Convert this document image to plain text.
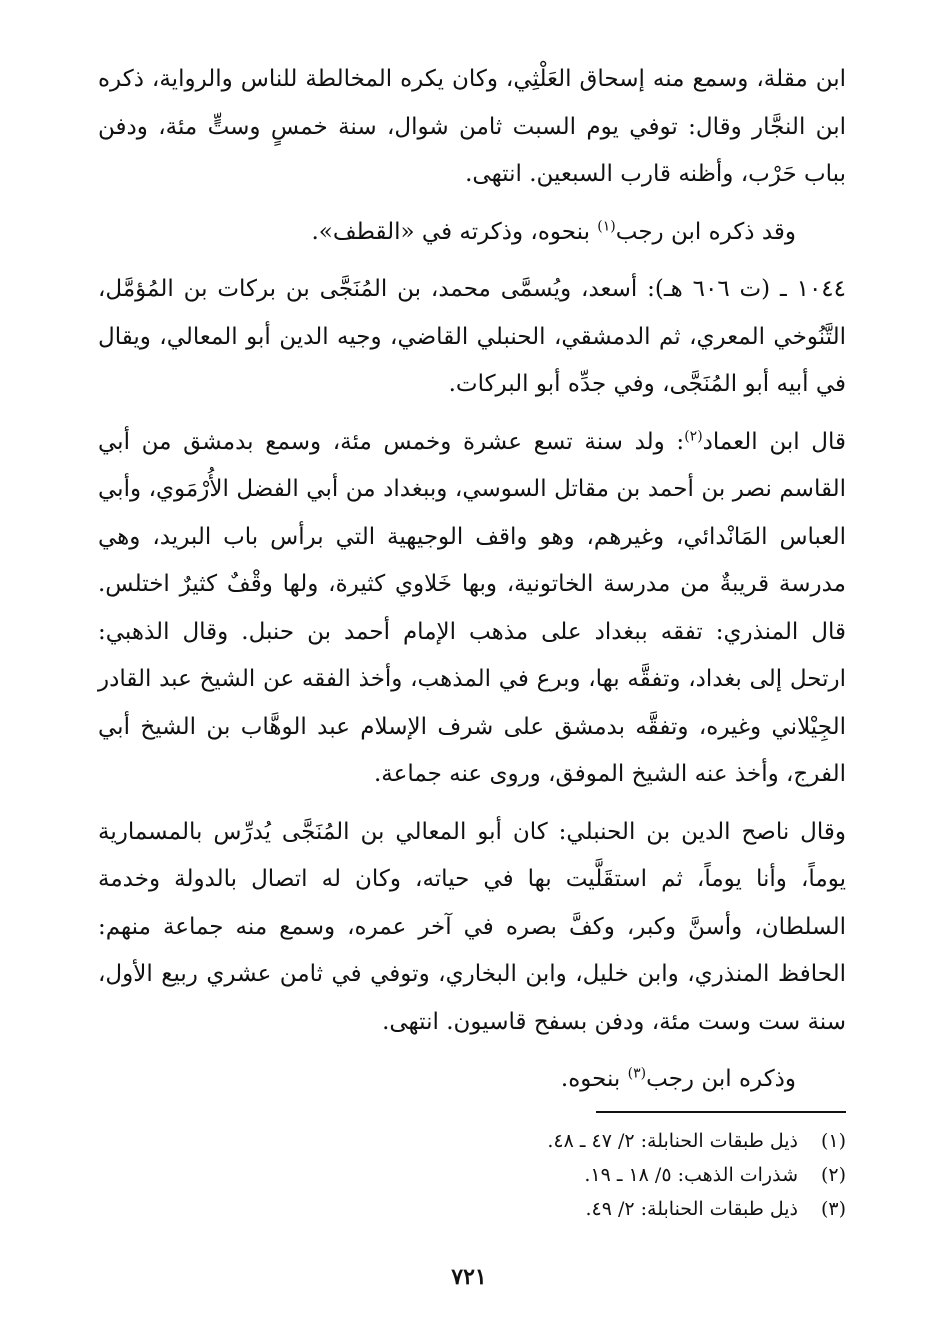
ابن مقلة، وسمع منه إسحاق العَلْثِي، وكان يكره المخالطة للناس والرواية، ذكره ابن النجَّار وقال: توفي يوم السبت ثامن شوال، سنة خمسٍ وستٍّ مئة، ودفن بباب حَرْب، وأظنه قارب السبعين. انتهى.

وقد ذكره ابن رجب$^{(١)}$ بنحوه، وذكرته في «القطف».

١٠٤٤ ـ (ت ٦٠٦ هـ): أسعد، ويُسمَّى محمد، بن المُنَجَّى بن بركات بن المُؤمَّل، التَّنُوخي المعري، ثم الدمشقي، الحنبلي القاضي، وجيه الدين أبو المعالي، ويقال في أبيه أبو المُنَجَّى، وفي جدِّه أبو البركات.

قال ابن العماد$^{(٢)}$: ولد سنة تسع عشرة وخمس مئة، وسمع بدمشق من أبي القاسم نصر بن أحمد بن مقاتل السوسي، وببغداد من أبي الفضل الأُرْمَوي، وأبي العباس المَانْدائي، وغيرهم، وهو واقف الوجيهية التي برأس باب البريد، وهي مدرسة قريبةٌ من مدرسة الخاتونية، وبها خَلاوي كثيرة، ولها وقْفٌ كثيرٌ اختلس. قال المنذري: تفقه ببغداد على مذهب الإمام أحمد بن حنبل. وقال الذهبي: ارتحل إلى بغداد، وتفقَّه بها، وبرع في المذهب، وأخذ الفقه عن الشيخ عبد القادر الجِيْلاني وغيره، وتفقَّه بدمشق على شرف الإسلام عبد الوهَّاب بن الشيخ أبي الفرج، وأخذ عنه الشيخ الموفق، وروى عنه جماعة.

وقال ناصح الدين بن الحنبلي: كان أبو المعالي بن المُنَجَّى يُدرِّس بالمسمارية يوماً، وأنا يوماً، ثم استقَلَّيت بها في حياته، وكان له اتصال بالدولة وخدمة السلطان، وأسنَّ وكبر، وكفَّ بصره في آخر عمره، وسمع منه جماعة منهم: الحافظ المنذري، وابن خليل، وابن البخاري، وتوفي في ثامن عشري ربيع الأول، سنة ست وست مئة، ودفن بسفح قاسيون. انتهى.

وذكره ابن رجب$^{(٣)}$ بنحوه.

(١)ذيل طبقات الحنابلة: ٢/ ٤٧ ـ ٤٨.
(٢)شذرات الذهب: ٥/ ١٨ ـ ١٩.
(٣)ذيل طبقات الحنابلة: ٢/ ٤٩.
٧٢١
